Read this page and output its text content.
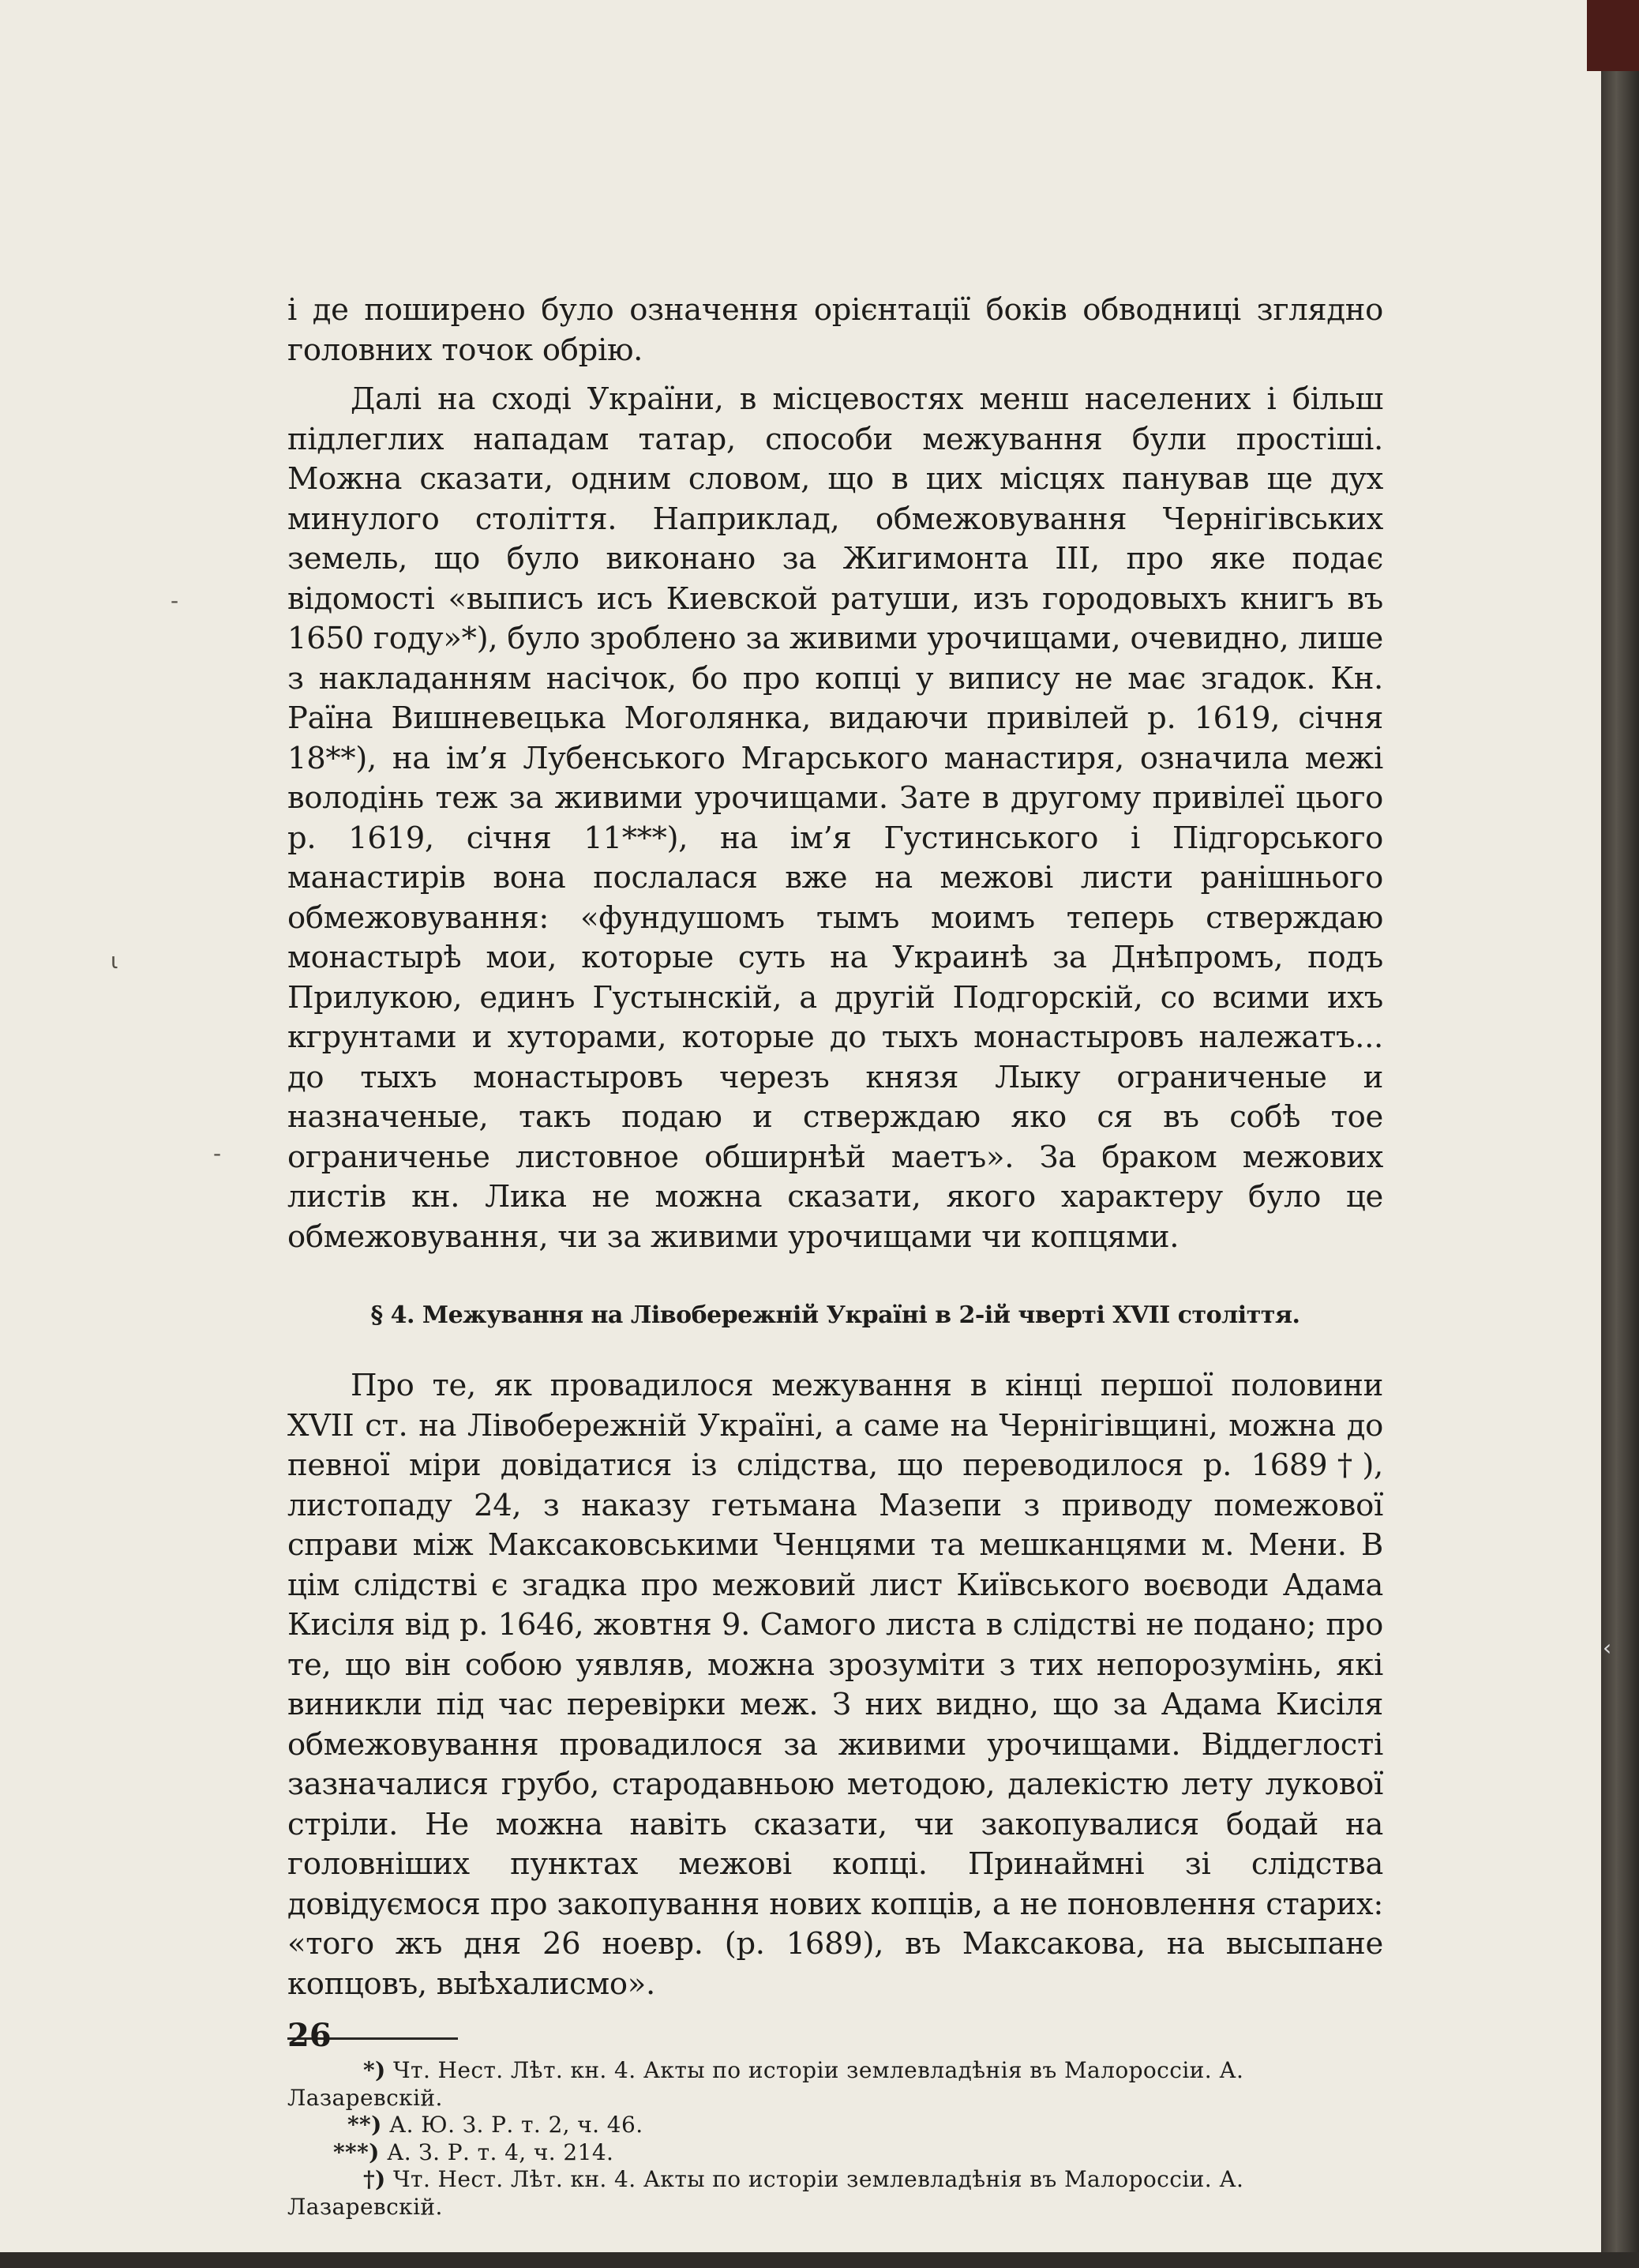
-
ι
-
‹

і де поширено було означення орієнтації боків обводниці зглядно головних точок обрію.

Далі на сході України, в місцевостях менш населених і більш підлеглих нападам татар, способи межування були простіші. Можна сказати, одним словом, що в цих місцях панував ще дух минулого століття. Наприклад, обмежовування Чернігівських земель, що було виконано за Жигимонта III, про яке подає відомості «выписъ исъ Киевской ратуши, изъ городовыхъ книгъ въ 1650 году»*), було зроблено за живими урочищами, очевидно, лише з накладанням насічок, бо про копці у випису не має згадок. Кн. Раїна Вишневецька Моголянка, видаючи привілей р. 1619, січня 18**), на ім’я Лубенського Мгарського манастиря, означила межі володінь теж за живими урочищами. Зате в другому привілеї цього р. 1619, січня 11***), на ім’я Густинського і Підгорського манастирів вона послалася вже на межові листи ранішнього обмежовування: «фундушомъ тымъ моимъ теперь стверждаю монастырѣ мои, которые суть на Украинѣ за Днѣпромъ, подъ Прилукою, единъ Густынскiй, а другiй Подгорскiй, со всими ихъ кгрунтами и хуторами, которые до тыхъ монастыровъ належатъ... до тыхъ монастыровъ черезъ князя Лыку ограниченые и назначеные, такъ подаю и стверждаю яко ся въ собѣ тое ограниченье листовное обширнѣй маетъ». За браком межових листів кн. Лика не можна сказати, якого характеру було це обмежовування, чи за живими урочищами чи копцями.

§ 4. Межування на Лівобережній Україні в 2-ій чверті XVII століття.

Про те, як провадилося межування в кінці першої половини XVII ст. на Лівобережній Україні, а саме на Чернігівщині, можна до певної міри довідатися із слідства, що переводилося р. 1689†), листопаду 24, з наказу гетьмана Мазепи з приводу помежової справи між Максаковськими Ченцями та мешканцями м. Мени. В цім слідстві є згадка про межовий лист Київського воєводи Адама Кисіля від р. 1646, жовтня 9. Самого листа в слідстві не подано; про те, що він собою уявляв, можна зрозуміти з тих непорозумінь, які виникли під час перевірки меж. З них видно, що за Адама Кисіля обмежовування провадилося за живими урочищами. Віддеглості зазначалися грубо, стародавньою методою, далекістю лету лукової стріли. Не можна навіть сказати, чи закопувалися бодай на головніших пунктах межові копці. Принаймні зі слідства довідуємося про закопування нових копців, а не поновлення старих: «того жъ дня 26 ноевр. (р. 1689), въ Максакова, на высыпане копцовъ, выѣхалисмо».

*) Чт. Нест. Лѣт. кн. 4. Акты по исторiи землевладѣнiя въ Малороссiи. А. Лазаревскiй.

**) А. Ю. З. Р. т. 2, ч. 46.

***) А. З. Р. т. 4, ч. 214.

†) Чт. Нест. Лѣт. кн. 4. Акты по исторiи землевладѣнiя въ Малороссiи. А. Лазаревскiй.

26
